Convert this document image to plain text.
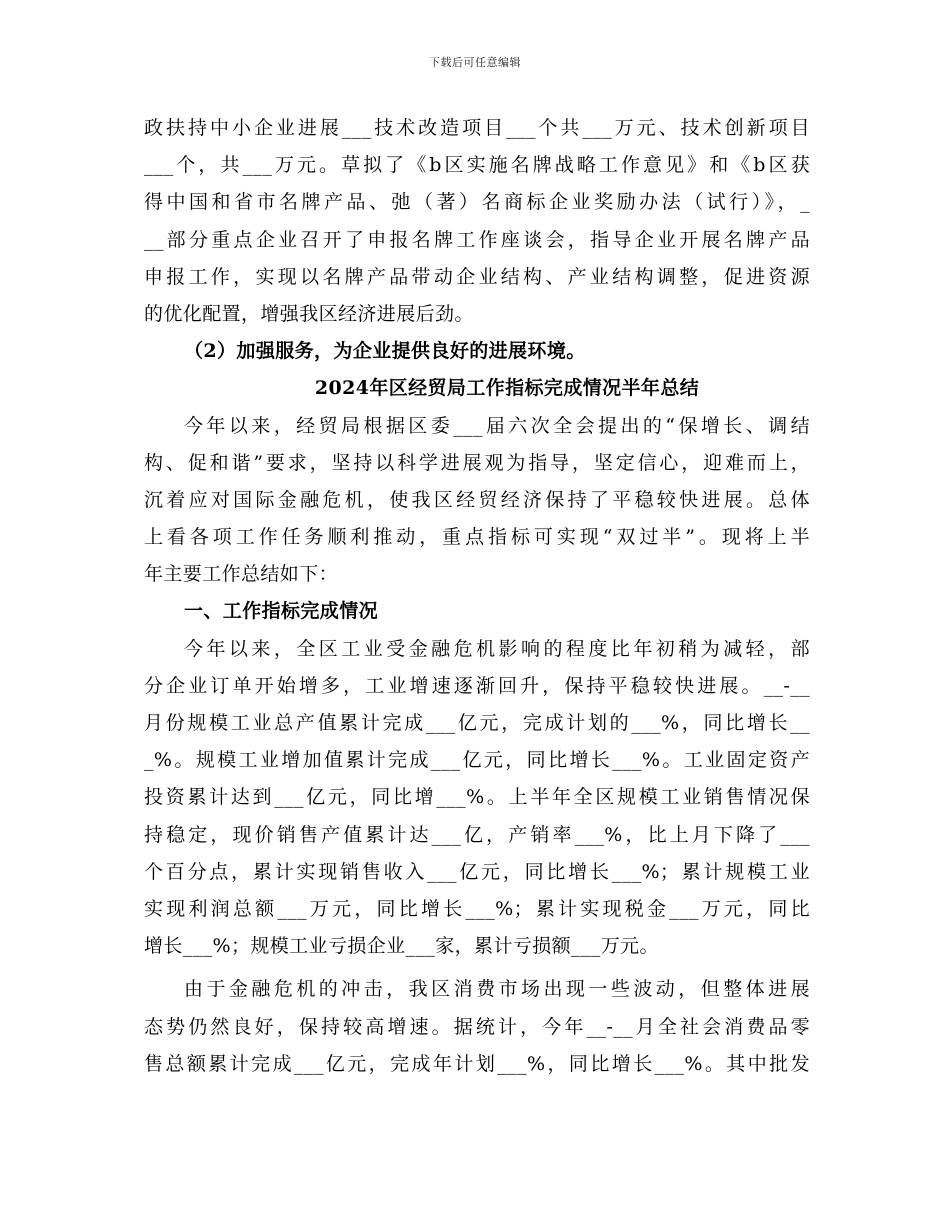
下载后可任意编辑
政扶持中小企业进展___技术改造项目___个共___万元、技术创新项目
___个，共___万元。草拟了《b区实施名牌战略工作意见》和《b区获
得中国和省市名牌产品、弛（著）名商标企业奖励办法（试行）》，_
__部分重点企业召开了申报名牌工作座谈会，指导企业开展名牌产品
申报工作，实现以名牌产品带动企业结构、产业结构调整，促进资源
的优化配置，增强我区经济进展后劲。
（2）加强服务，为企业提供良好的进展环境。
2024年区经贸局工作指标完成情况半年总结
今年以来，经贸局根据区委___届六次全会提出的“保增长、调结
构、促和谐”要求，坚持以科学进展观为指导，坚定信心，迎难而上，
沉着应对国际金融危机，使我区经贸经济保持了平稳较快进展。总体
上看各项工作任务顺利推动，重点指标可实现“双过半”。现将上半
年主要工作总结如下：
一、工作指标完成情况
今年以来，全区工业受金融危机影响的程度比年初稍为减轻，部
分企业订单开始增多，工业增速逐渐回升，保持平稳较快进展。__-__
月份规模工业总产值累计完成___亿元，完成计划的___%，同比增长__
_%。规模工业增加值累计完成___亿元，同比增长___%。工业固定资产
投资累计达到___亿元，同比增___%。上半年全区规模工业销售情况保
持稳定，现价销售产值累计达___亿，产销率___%，比上月下降了___
个百分点，累计实现销售收入___亿元，同比增长___%；累计规模工业
实现利润总额___万元，同比增长___%；累计实现税金___万元，同比
增长___%；规模工业亏损企业___家，累计亏损额___万元。
由于金融危机的冲击，我区消费市场出现一些波动，但整体进展
态势仍然良好，保持较高增速。据统计，今年__-__月全社会消费品零
售总额累计完成___亿元，完成年计划___%，同比增长___%。其中批发
